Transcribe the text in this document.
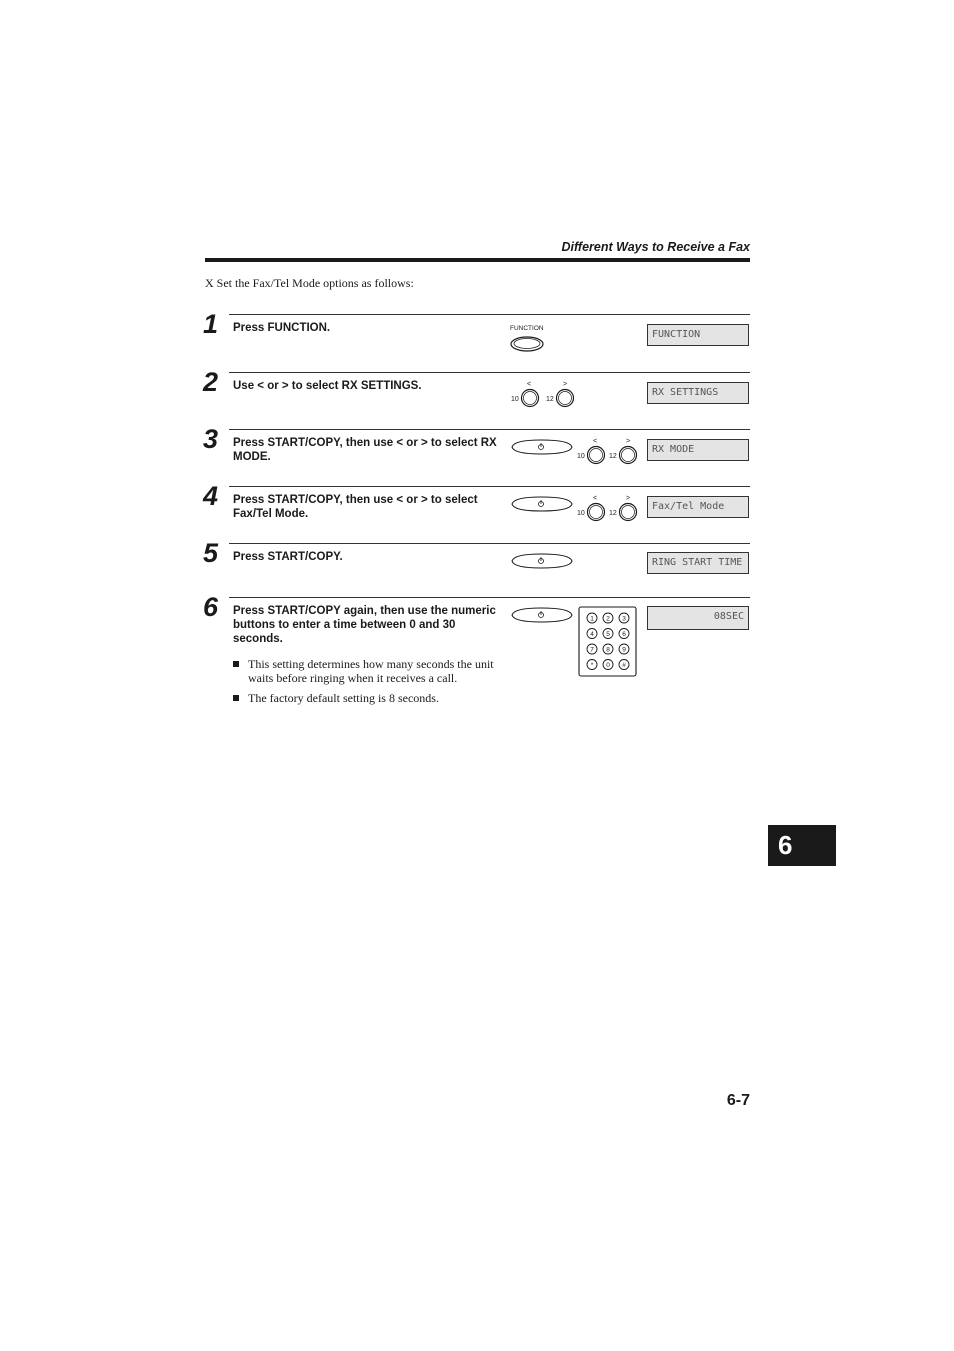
Different Ways to Receive a Fax
X Set the Fax/Tel Mode options as follows:
1 Press FUNCTION.	FUNCTION
FUNCTION
2 Use < or > to select RX SETTINGS.	<	>
10	12
RX SETTINGS
3 Press START/COPY, then use < or > to select RX MODE.
<	>
10	12
RX MODE
4 Press START/COPY, then use < or > to select Fax/Tel Mode.
<	>
10	12
Fax/Tel Mode
5 Press START/COPY.	RING START TIME
6 Press START/COPY again, then use the numeric buttons to enter a time between 0 and 30 seconds.
1 2 3
4 5 6
7 8 9
* 0 #
08SEC
This setting determines how many seconds the unit waits before ringing when it receives a call.
The factory default setting is 8 seconds.
6
6-7
